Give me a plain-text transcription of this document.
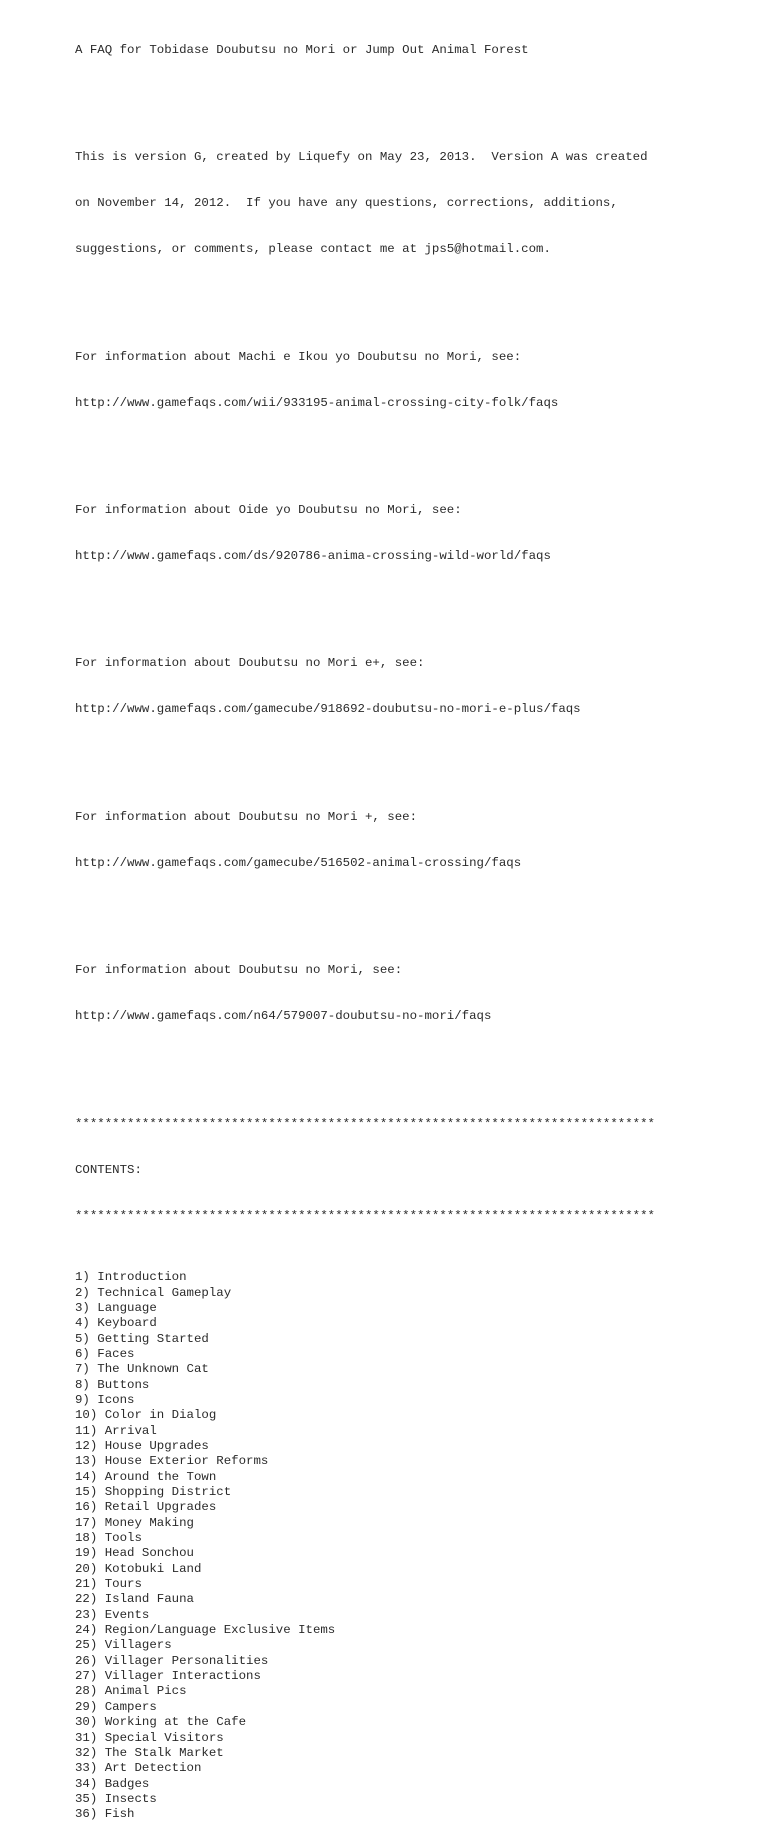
A FAQ for Tobidase Doubutsu no Mori or Jump Out Animal Forest

This is version G, created by Liquefy on May 23, 2013.  Version A was created

on November 14, 2012.  If you have any questions, corrections, additions,

suggestions, or comments, please contact me at jps5@hotmail.com.

For information about Machi e Ikou yo Doubutsu no Mori, see:

http://www.gamefaqs.com/wii/933195-animal-crossing-city-folk/faqs

For information about Oide yo Doubutsu no Mori, see:

http://www.gamefaqs.com/ds/920786-anima-crossing-wild-world/faqs

For information about Doubutsu no Mori e+, see:

http://www.gamefaqs.com/gamecube/918692-doubutsu-no-mori-e-plus/faqs

For information about Doubutsu no Mori +, see:

http://www.gamefaqs.com/gamecube/516502-animal-crossing/faqs

For information about Doubutsu no Mori, see:

http://www.gamefaqs.com/n64/579007-doubutsu-no-mori/faqs

******************************************************************************

CONTENTS:

******************************************************************************

1) Introduction
2) Technical Gameplay
3) Language
4) Keyboard
5) Getting Started
6) Faces
7) The Unknown Cat
8) Buttons
9) Icons
10) Color in Dialog
11) Arrival
12) House Upgrades
13) House Exterior Reforms
14) Around the Town
15) Shopping District
16) Retail Upgrades
17) Money Making
18) Tools
19) Head Sonchou
20) Kotobuki Land
21) Tours
22) Island Fauna
23) Events
24) Region/Language Exclusive Items
25) Villagers
26) Villager Personalities
27) Villager Interactions
28) Animal Pics
29) Campers
30) Working at the Cafe
31) Special Visitors
32) The Stalk Market
33) Art Detection
34) Badges
35) Insects
36) Fish
